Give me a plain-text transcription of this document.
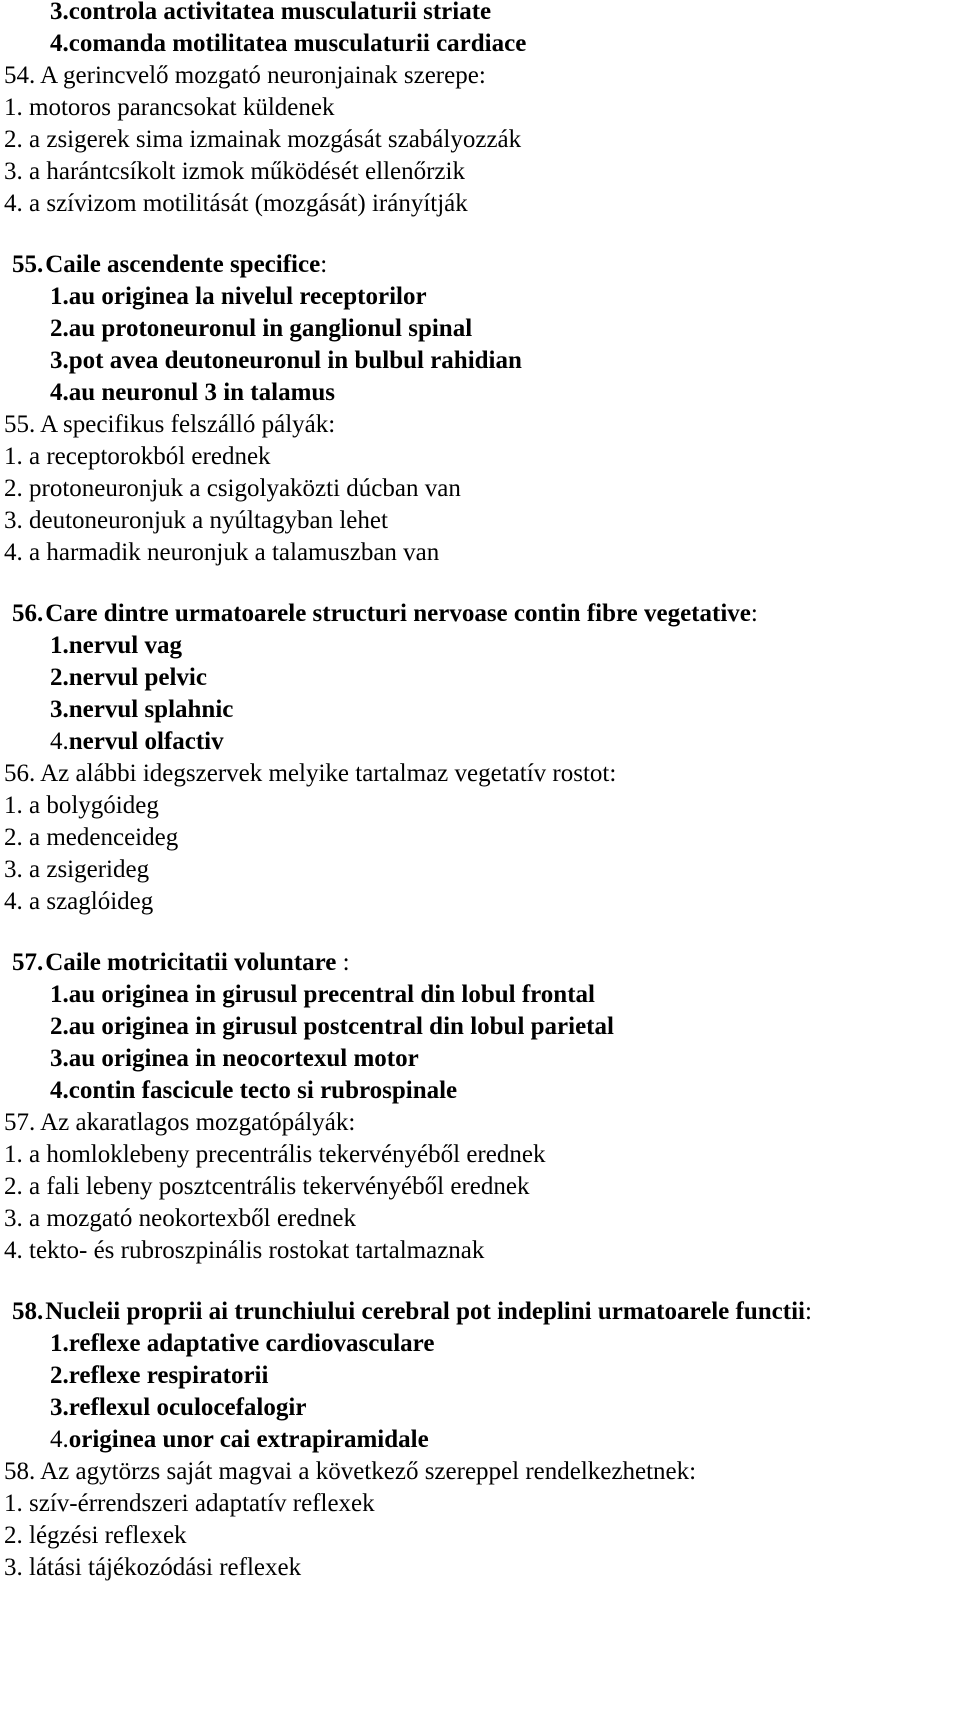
3.controla activitatea musculaturii striate
4.comanda motilitatea musculaturii cardiace
54. A gerincvelő mozgató neuronjainak szerepe:
1. motoros parancsokat küldenek
2. a zsigerek sima izmainak mozgását szabályozzák
3. a harántcsíkolt izmok működését ellenőrzik
4. a szívizom motilitását (mozgását) irányítják
55.Caile ascendente specifice:
1.au originea la nivelul receptorilor
2.au protoneuronul in ganglionul spinal
3.pot avea deutoneuronul in bulbul rahidian
4.au neuronul 3 in talamus
55. A specifikus felszálló pályák:
1. a receptorokból erednek
2. protoneuronjuk a csigolyaközti dúcban van
3. deutoneuronjuk a nyúltagyban lehet
4. a harmadik neuronjuk a talamuszban van
56.Care dintre urmatoarele structuri nervoase contin fibre vegetative:
1.nervul vag
2.nervul pelvic
3.nervul splahnic
4.nervul olfactiv
56. Az alábbi idegszervek melyike tartalmaz vegetatív rostot:
1. a bolygóideg
2. a medenceideg
3. a zsigerideg
4. a szaglóideg
57.Caile motricitatii voluntare :
1.au originea in girusul precentral din lobul frontal
2.au originea in girusul postcentral din lobul parietal
3.au originea in neocortexul motor
4.contin fascicule tecto si rubrospinale
57. Az akaratlagos mozgatópályák:
1. a homloklebeny precentrális tekervényéből erednek
2. a fali lebeny posztcentrális tekervényéből erednek
3. a mozgató neokortexből erednek
4. tekto- és rubroszpinális rostokat tartalmaznak
58.Nucleii proprii ai trunchiului cerebral pot indeplini urmatoarele functii:
1.reflexe adaptative cardiovasculare
2.reflexe respiratorii
3.reflexul oculocefalogir
4.originea unor cai extrapiramidale
58. Az agytörzs saját magvai a következő szereppel rendelkezhetnek:
1. szív-érrendszeri adaptatív reflexek
2. légzési reflexek
3. látási tájékozódási reflexek
